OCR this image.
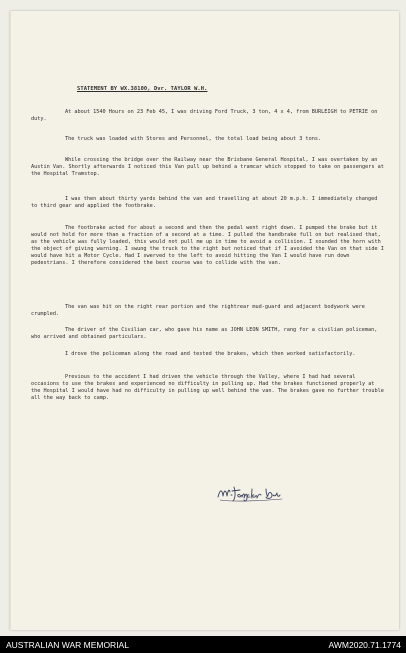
STATEMENT BY WX.38100, Dvr. TAYLOR W.H.
At about 1540 Hours on 23 Feb 45, I was driving Ford Truck, 3 ton, 4 x 4, from BURLEIGH to PETRIE on duty.
The truck was loaded with Stores and Personnel, the total load being about 3 tons.
While crossing the bridge over the Railway near the Brisbane General Hospital, I was overtaken by an Austin Van. Shortly afterwards I noticed this Van pull up behind a tramcar which stopped to take on passengers at the Hospital Tramstop.
I was then about thirty yards behind the van and travelling at about 20 m.p.h. I immediately changed to third gear and applied the footbrake.
The footbrake acted for about a second and then the pedal went right down. I pumped the brake but it would not hold for more than a fraction of a second at a time. I pulled the handbrake full on but realised that, as the vehicle was fully loaded, this would not pull me up in time to avoid a collision. I sounded the horn with the object of giving warning. I swung the truck to the right but noticed that if I avoided the Van on that side I would have hit a Motor Cycle. Had I swerved to the left to avoid hitting the Van I would have run down pedestrians. I therefore considered the best course was to collide with the van.
The van was hit on the right rear portion and the rightrear mud-guard and adjacent bodywork were crumpled.
The driver of the Civilian car, who gave his name as JOHN LEON SMITH, rang for a civilian policeman, who arrived and obtained particulars.
I drove the policeman along the road and tested the brakes, which then worked satisfactorily.
Previous to the accident I had driven the vehicle through the Valley, where I had had several occasions to use the brakes and experienced no difficulty in pulling up. Had the brakes functioned properly at the Hospital I would have had no difficulty in pulling up well behind the van. The brakes gave no further trouble all the way back to camp.
AUSTRALIAN WAR MEMORIAL	AWM2020.71.1774
